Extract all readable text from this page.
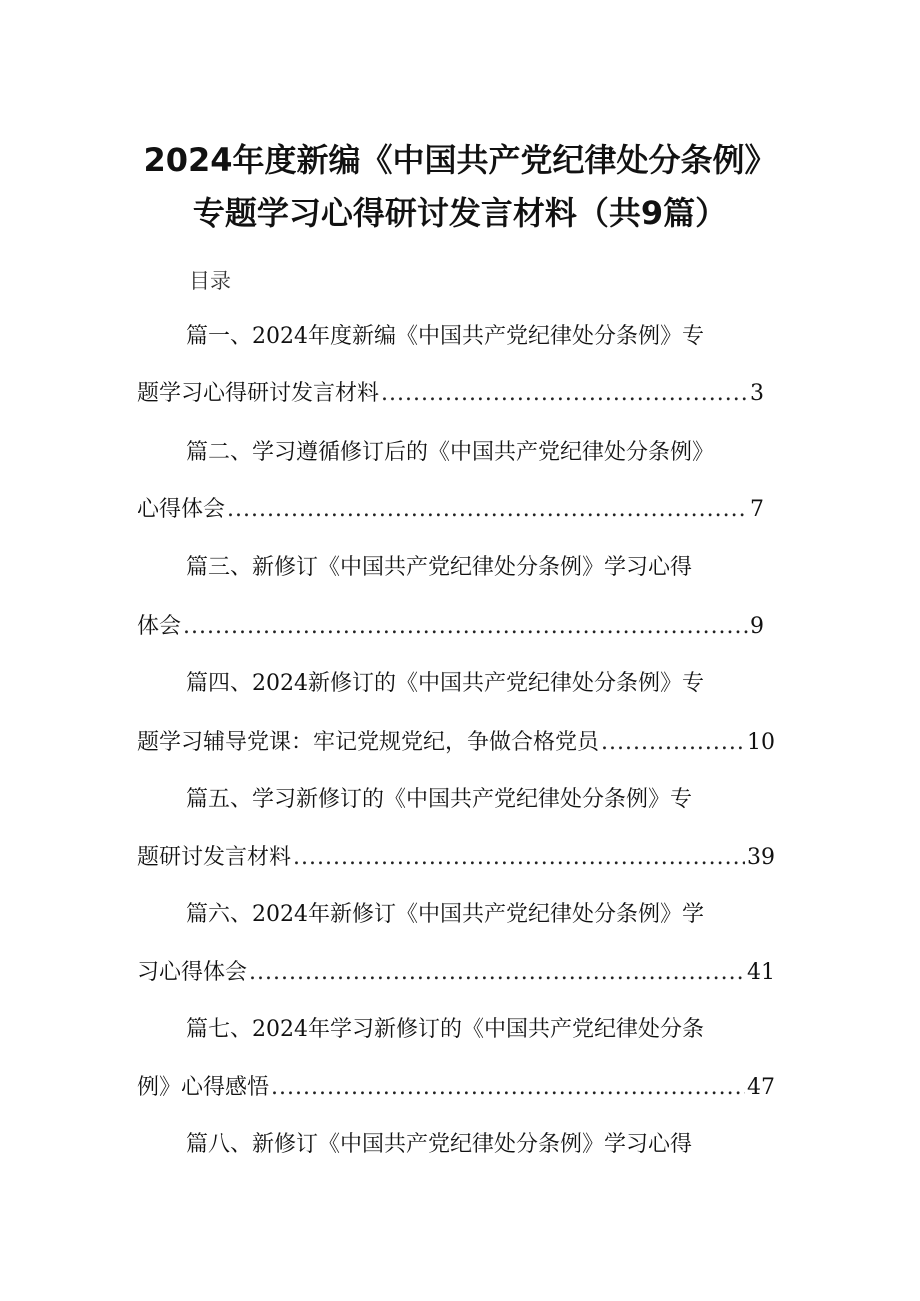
2024年度新编《中国共产党纪律处分条例》
专题学习心得研讨发言材料（共9篇）
目录
篇一、2024年度新编《中国共产党纪律处分条例》专
题学习心得研讨发言材料 .....	3
篇二、学习遵循修订后的《中国共产党纪律处分条例》
心得体会 .....	7
篇三、新修订《中国共产党纪律处分条例》学习心得
体会 .....	9
篇四、2024新修订的《中国共产党纪律处分条例》专
题学习辅导党课：牢记党规党纪，争做合格党员 .....	10
篇五、学习新修订的《中国共产党纪律处分条例》专
题研讨发言材料 .....	39
篇六、2024年新修订《中国共产党纪律处分条例》学
习心得体会 .....	41
篇七、2024年学习新修订的《中国共产党纪律处分条
例》心得感悟 .....	47
篇八、新修订《中国共产党纪律处分条例》学习心得
